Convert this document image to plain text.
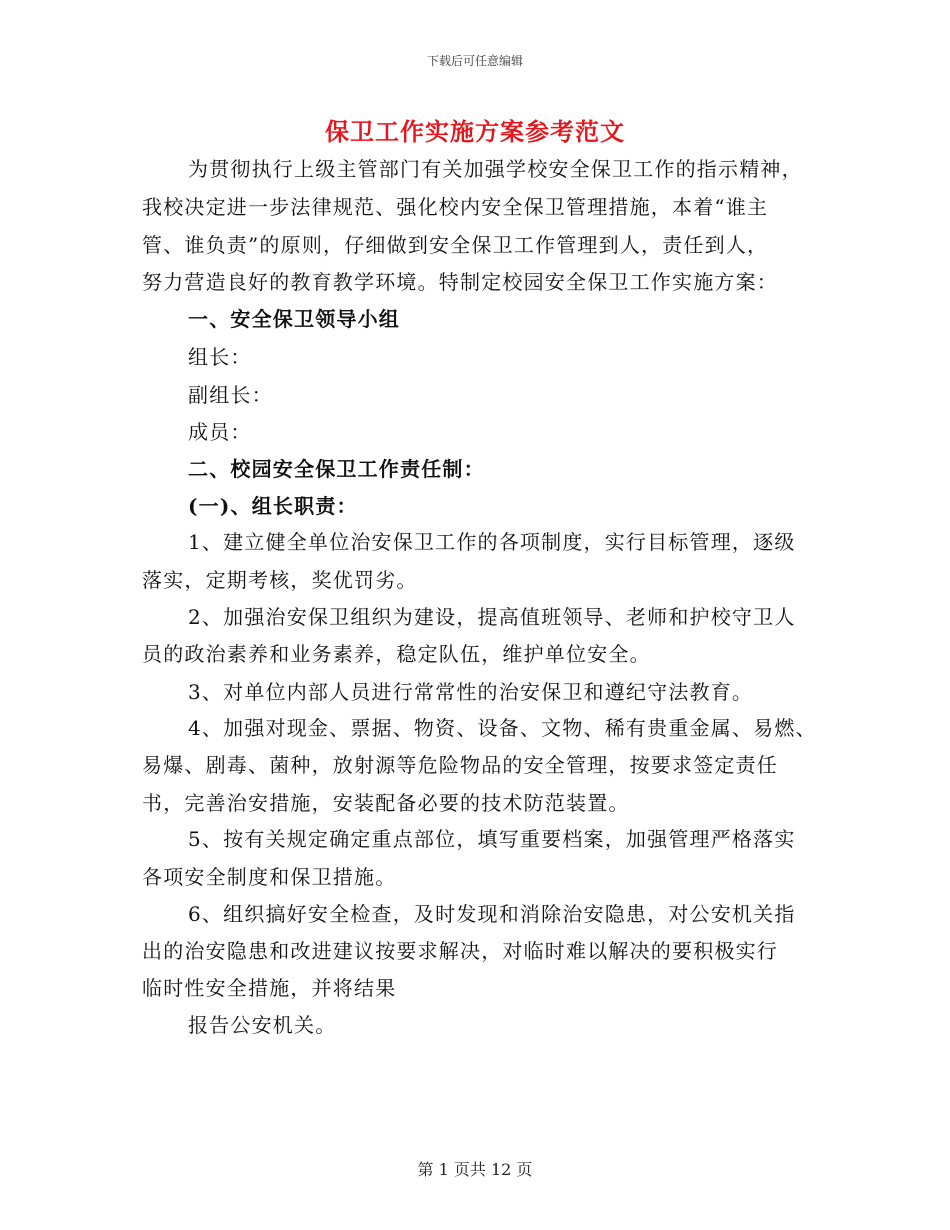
下载后可任意编辑
保卫工作实施方案参考范文
为贯彻执行上级主管部门有关加强学校安全保卫工作的指示精神，
我校决定进一步法律规范、强化校内安全保卫管理措施，本着“谁主
管、谁负责”的原则，仔细做到安全保卫工作管理到人，责任到人，
努力营造良好的教育教学环境。特制定校园安全保卫工作实施方案：
一、安全保卫领导小组
组长：
副组长：
成员：
二、校园安全保卫工作责任制：
(一)、组长职责：
1、建立健全单位治安保卫工作的各项制度，实行目标管理，逐级
落实，定期考核，奖优罚劣。
2、加强治安保卫组织为建设，提高值班领导、老师和护校守卫人
员的政治素养和业务素养，稳定队伍，维护单位安全。
3、对单位内部人员进行常常性的治安保卫和遵纪守法教育。
4、加强对现金、票据、物资、设备、文物、稀有贵重金属、易燃、
易爆、剧毒、菌种，放射源等危险物品的安全管理，按要求签定责任
书，完善治安措施，安装配备必要的技术防范装置。
5、按有关规定确定重点部位，填写重要档案，加强管理严格落实
各项安全制度和保卫措施。
6、组织搞好安全检查，及时发现和消除治安隐患，对公安机关指
出的治安隐患和改进建议按要求解决，对临时难以解决的要积极实行
临时性安全措施，并将结果
报告公安机关。
第 1 页共 12 页
